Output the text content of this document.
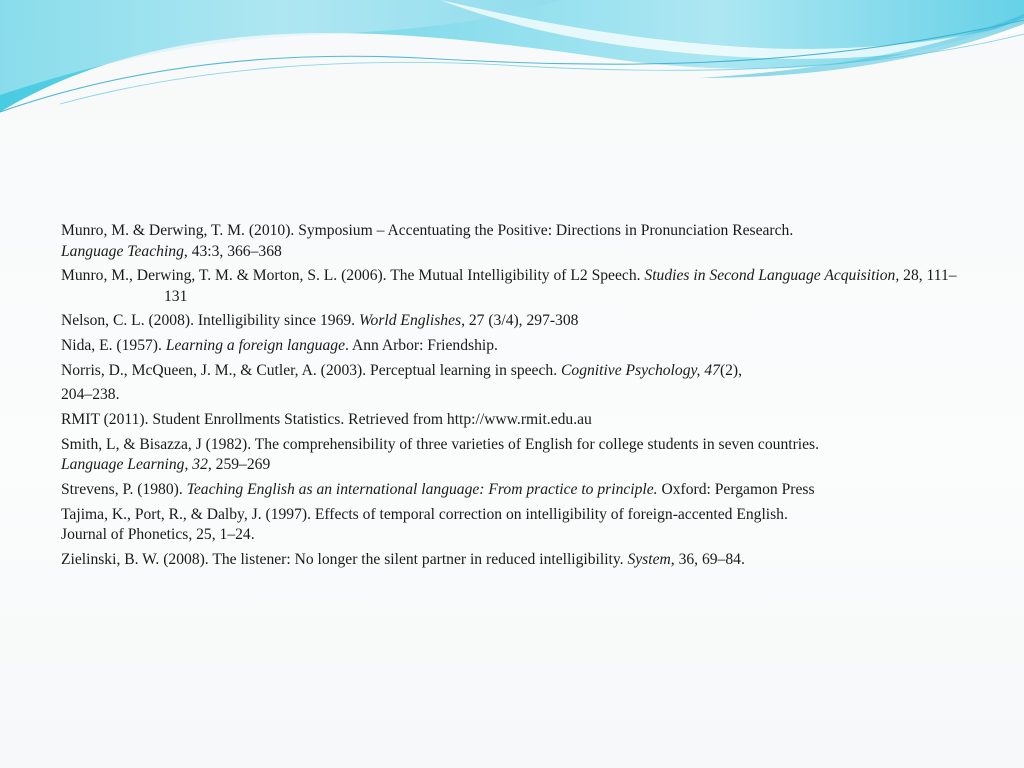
Munro, M. & Derwing, T. M. (2010). Symposium – Accentuating the Positive: Directions in Pronunciation Research.
Language Teaching, 43:3, 366–368
Munro, M., Derwing, T. M. & Morton, S. L. (2006). The Mutual Intelligibility of L2 Speech. Studies in Second Language Acquisition, 28, 111–131
Nelson, C. L. (2008). Intelligibility since 1969. World Englishes, 27 (3/4), 297-308
Nida, E. (1957). Learning a foreign language. Ann Arbor: Friendship.
Norris, D., McQueen, J. M., & Cutler, A. (2003). Perceptual learning in speech. Cognitive Psychology, 47(2),
204–238.
RMIT (2011). Student Enrollments Statistics. Retrieved from http://www.rmit.edu.au
Smith, L, & Bisazza, J (1982). The comprehensibility of three varieties of English for college students in seven countries.
Language Learning, 32, 259–269
Strevens, P. (1980). Teaching English as an international language: From practice to principle. Oxford: Pergamon Press
Tajima, K., Port, R., & Dalby, J. (1997). Effects of temporal correction on intelligibility of foreign-accented English.
Journal of Phonetics, 25, 1–24.
Zielinski, B. W. (2008). The listener: No longer the silent partner in reduced intelligibility. System, 36, 69–84.
